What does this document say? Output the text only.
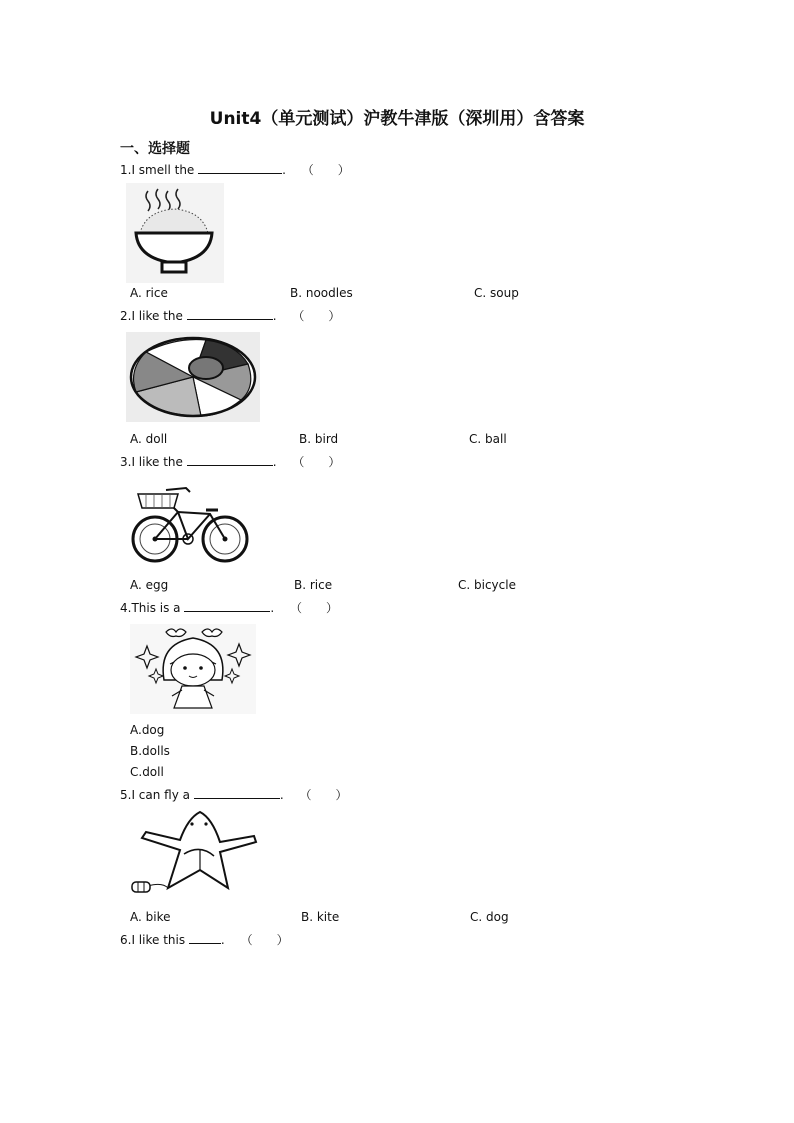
Unit4（单元测试）沪教牛津版（深圳用）含答案
一、选择题
1.I smell the	. （　　）
A. rice	B. noodles	C. soup
2.I like the	. （　　）
A. doll	B. bird	C. ball
3.I like the	. （　　）
A. egg	B. rice	C. bicycle
4.This is a	. （　　）
A.dog
B.dolls
C.doll
5.I can fly a	. （　　）
A. bike	B. kite	C. dog
6.I like this	. （　　）
